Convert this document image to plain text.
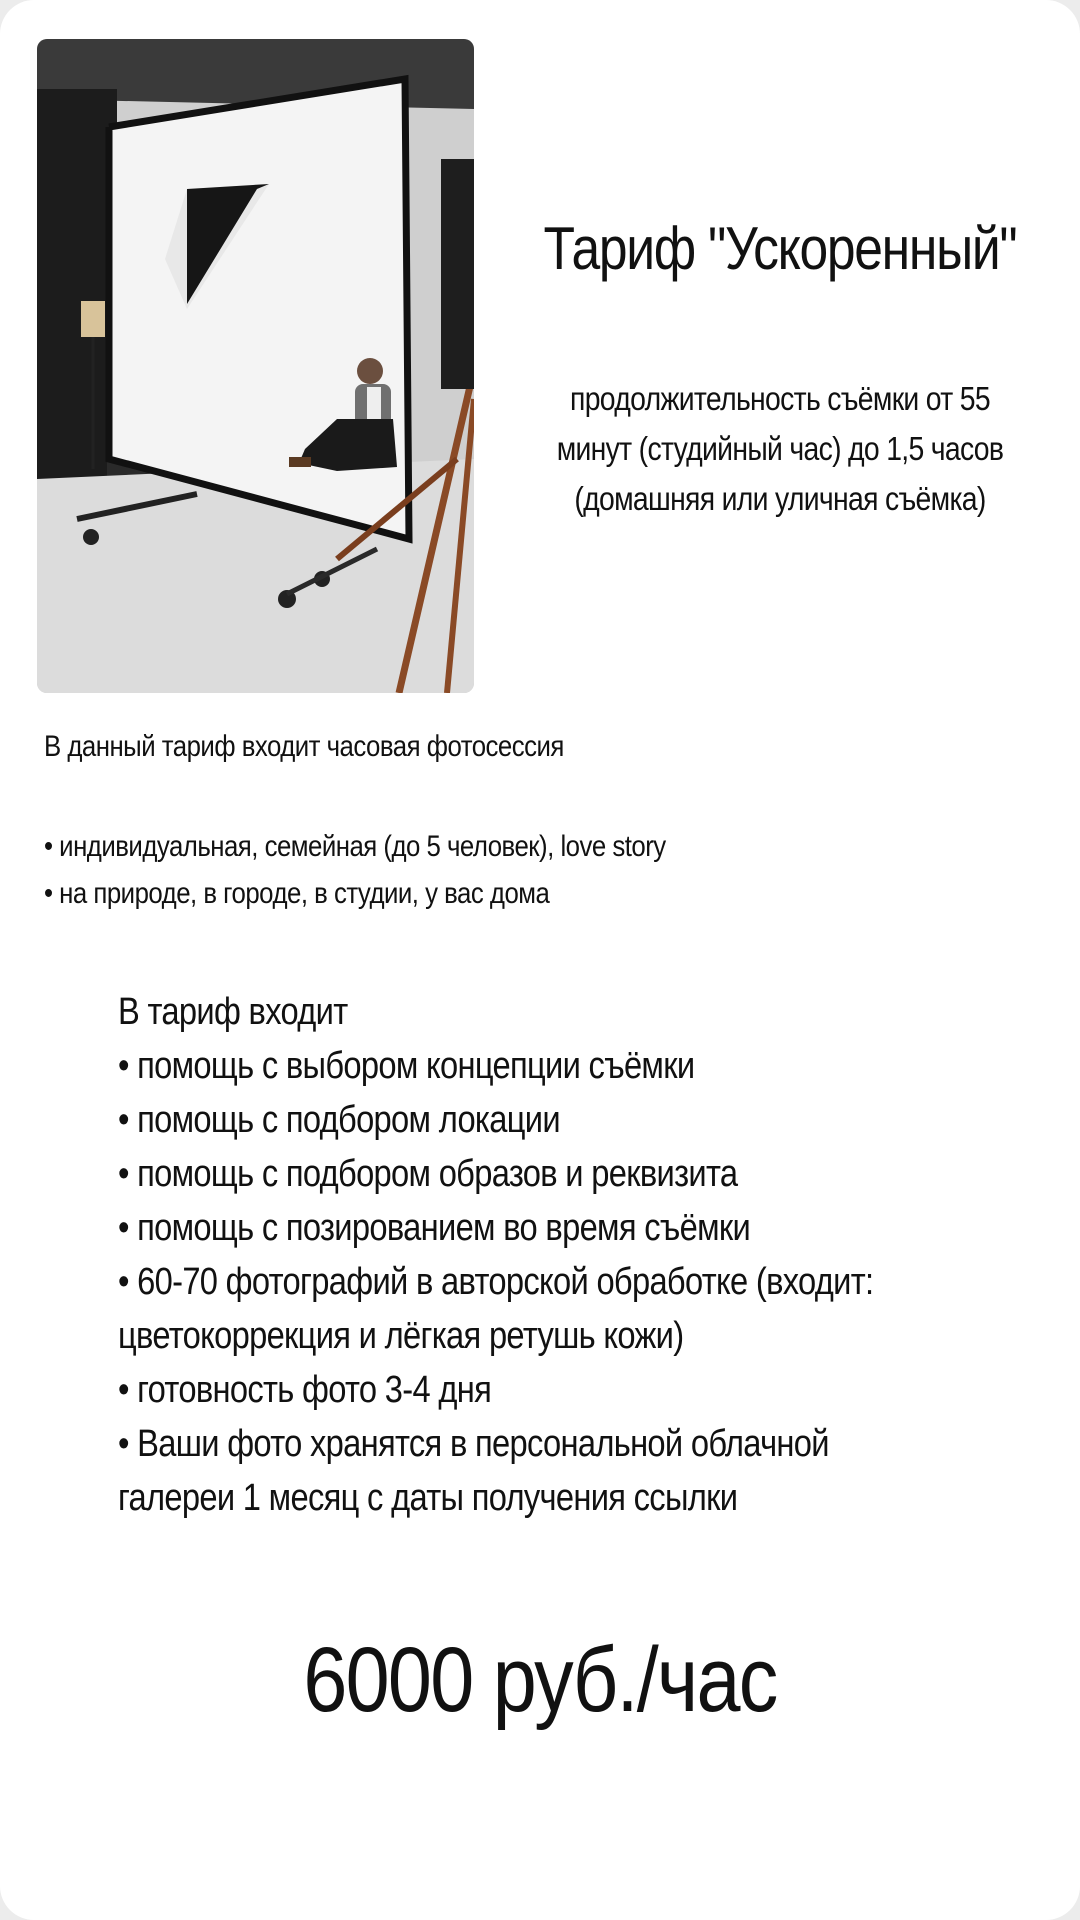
Тариф "Ускоренный"
продолжительность съёмки от 55
минут (студийный час) до 1,5 часов
(домашняя или уличная съёмка)
В данный тариф входит часовая фотосессия
• индивидуальная, семейная (до 5 человек), love story
• на природе, в городе, в студии, у вас дома
В тариф входит
• помощь с выбором концепции съёмки
• помощь с подбором локации
• помощь с подбором образов и реквизита
• помощь с позированием во время съёмки
• 60-70 фотографий в авторской обработке (входит:
цветокоррекция и лёгкая ретушь кожи)
• готовность фото 3-4 дня
• Ваши фото хранятся в персональной облачной
галереи 1 месяц с даты получения ссылки
6000 руб./час
